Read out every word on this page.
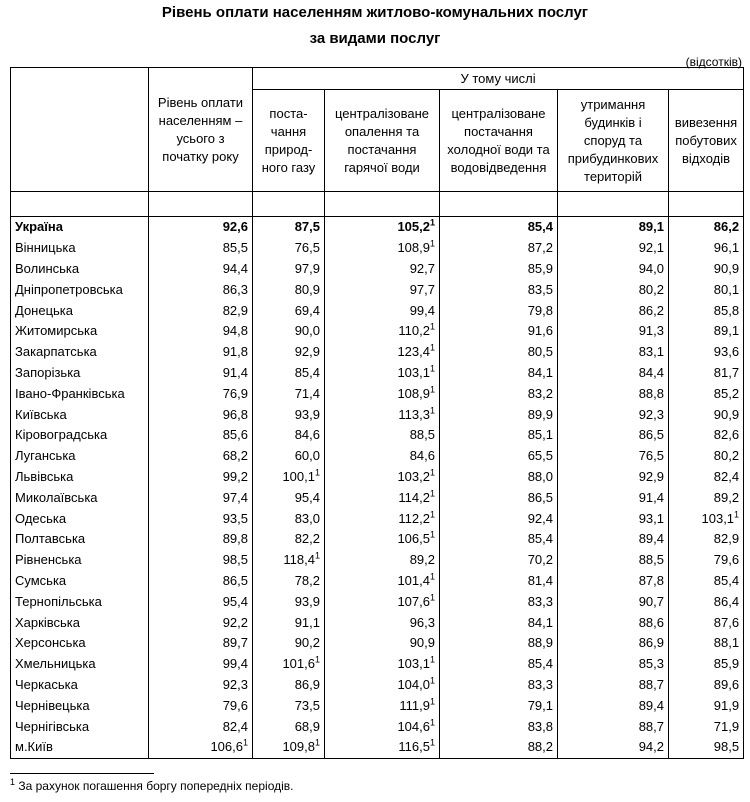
Рівень оплати населенням житлово-комунальних послуг
за видами послуг
(відсотків)
	Рівень оплати населенням – усього з початку року	У тому числі				
		поста-чання природ-ного газу	централізоване опалення та постачання гарячої води	централізоване постачання холодної води та водовідведення	утримання будинків і споруд та прибудинкових територій	вивезення побутових відходів

Україна	92,6	87,5	105,2$^1$	85,4	89,1	86,2
Вінницька	85,5	76,5	108,9$^1$	87,2	92,1	96,1
Волинська	94,4	97,9	92,7	85,9	94,0	90,9
Дніпропетровська	86,3	80,9	97,7	83,5	80,2	80,1
Донецька	82,9	69,4	99,4	79,8	86,2	85,8
Житомирська	94,8	90,0	110,2$^1$	91,6	91,3	89,1
Закарпатська	91,8	92,9	123,4$^1$	80,5	83,1	93,6
Запорізька	91,4	85,4	103,1$^1$	84,1	84,4	81,7
Івано-Франківська	76,9	71,4	108,9$^1$	83,2	88,8	85,2
Київська	96,8	93,9	113,3$^1$	89,9	92,3	90,9
Кіровоградська	85,6	84,6	88,5	85,1	86,5	82,6
Луганська	68,2	60,0	84,6	65,5	76,5	80,2
Львівська	99,2	100,1$^1$	103,2$^1$	88,0	92,9	82,4
Миколаївська	97,4	95,4	114,2$^1$	86,5	91,4	89,2
Одеська	93,5	83,0	112,2$^1$	92,4	93,1	103,1$^1$
Полтавська	89,8	82,2	106,5$^1$	85,4	89,4	82,9
Рівненська	98,5	118,4$^1$	89,2	70,2	88,5	79,6
Сумська	86,5	78,2	101,4$^1$	81,4	87,8	85,4
Тернопільська	95,4	93,9	107,6$^1$	83,3	90,7	86,4
Харківська	92,2	91,1	96,3	84,1	88,6	87,6
Херсонська	89,7	90,2	90,9	88,9	86,9	88,1
Хмельницька	99,4	101,6$^1$	103,1$^1$	85,4	85,3	85,9
Черкаська	92,3	86,9	104,0$^1$	83,3	88,7	89,6
Чернівецька	79,6	73,5	111,9$^1$	79,1	89,4	91,9
Чернігівська	82,4	68,9	104,6$^1$	83,8	88,7	71,9
м.Київ	106,6$^1$	109,8$^1$	116,5$^1$	88,2	94,2	98,5
$^1$ За рахунок погашення боргу попередніх періодів.
